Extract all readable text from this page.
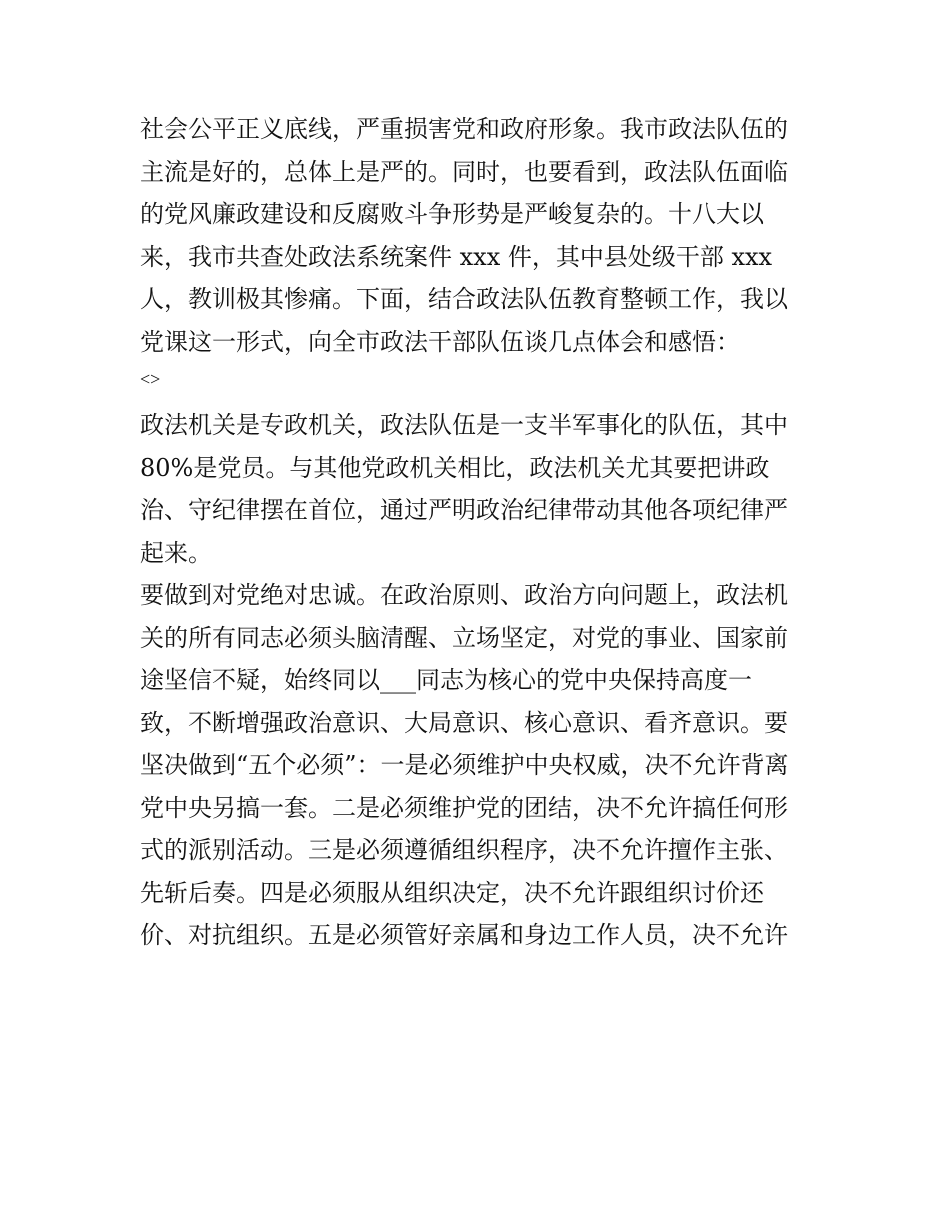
社会公平正义底线，严重损害党和政府形象。我市政法队伍的
主流是好的，总体上是严的。同时，也要看到，政法队伍面临
的党风廉政建设和反腐败斗争形势是严峻复杂的。十八大以
来，我市共查处政法系统案件 xxx 件，其中县处级干部 xxx
人，教训极其惨痛。下面，结合政法队伍教育整顿工作，我以
党课这一形式，向全市政法干部队伍谈几点体会和感悟：
<>
政法机关是专政机关，政法队伍是一支半军事化的队伍，其中
80%是党员。与其他党政机关相比，政法机关尤其要把讲政
治、守纪律摆在首位，通过严明政治纪律带动其他各项纪律严
起来。
要做到对党绝对忠诚。在政治原则、政治方向问题上，政法机
关的所有同志必须头脑清醒、立场坚定，对党的事业、国家前
途坚信不疑，始终同以___同志为核心的党中央保持高度一
致，不断增强政治意识、大局意识、核心意识、看齐意识。要
坚决做到“五个必须”：一是必须维护中央权威，决不允许背离
党中央另搞一套。二是必须维护党的团结，决不允许搞任何形
式的派别活动。三是必须遵循组织程序，决不允许擅作主张、
先斩后奏。四是必须服从组织决定，决不允许跟组织讨价还
价、对抗组织。五是必须管好亲属和身边工作人员，决不允许
